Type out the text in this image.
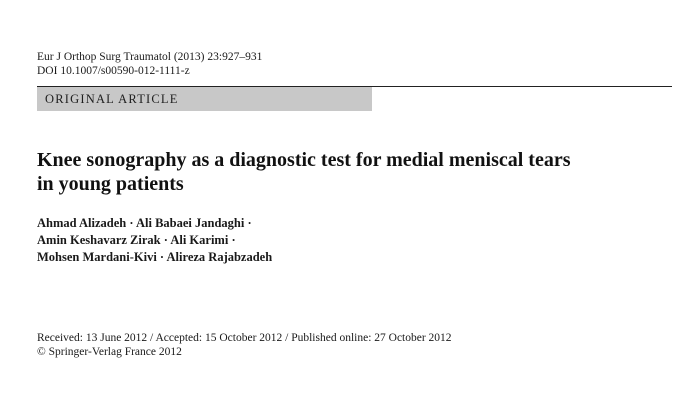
Eur J Orthop Surg Traumatol (2013) 23:927–931
DOI 10.1007/s00590-012-1111-z
ORIGINAL ARTICLE
Knee sonography as a diagnostic test for medial meniscal tears
in young patients
Ahmad Alizadeh · Ali Babaei Jandaghi ·
Amin Keshavarz Zirak · Ali Karimi ·
Mohsen Mardani-Kivi · Alireza Rajabzadeh
Received: 13 June 2012 / Accepted: 15 October 2012 / Published online: 27 October 2012
© Springer-Verlag France 2012
